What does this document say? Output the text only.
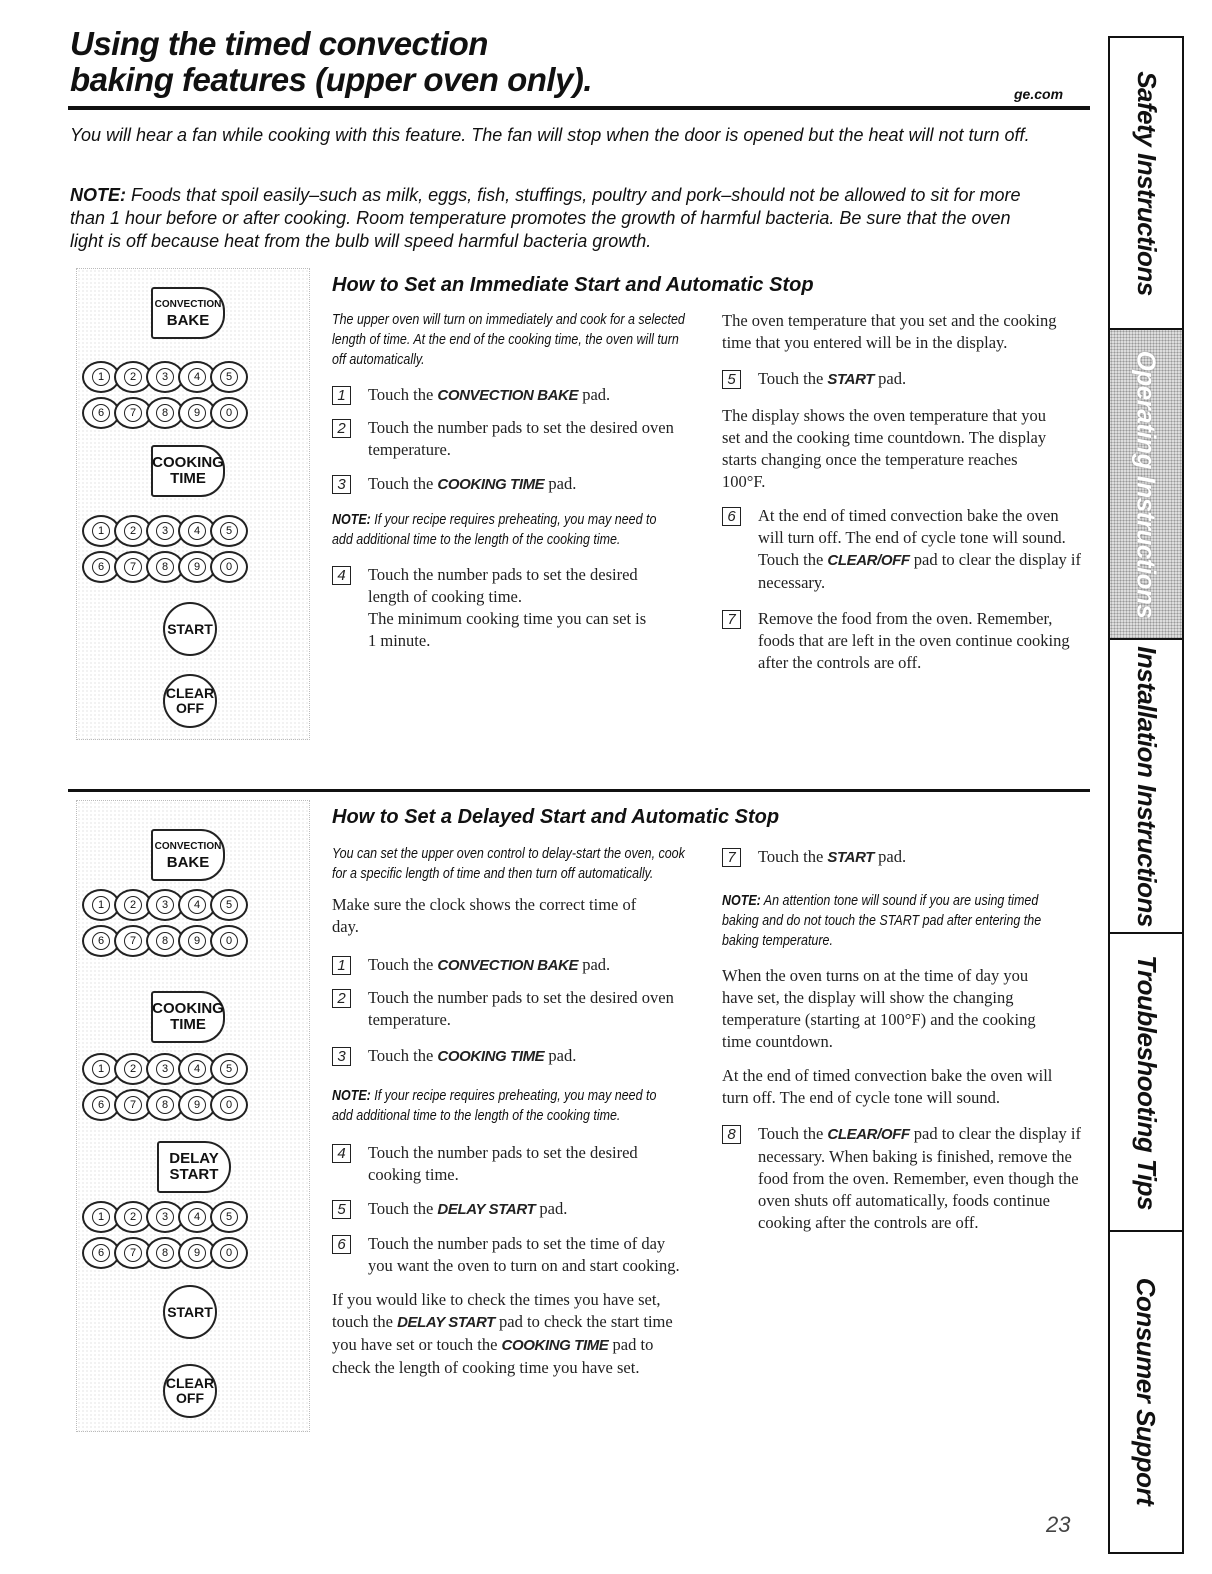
Using the timed convection
baking features (upper oven only).	ge.com
You will hear a fan while cooking with this feature. The fan will stop when the door is opened but the heat will not turn off.
NOTE: Foods that spoil easily–such as milk, eggs, fish, stuffings, poultry and pork–should not be allowed to sit for more than 1 hour before or after cooking. Room temperature promotes the growth of harmful bacteria. Be sure that the oven light is off because heat from the bulb will speed harmful bacteria growth.
CONVECTION
BAKE
1	2	3	4	5
6	7	8	9	0
COOKING
TIME
1	2	3	4	5
6	7	8	9	0
START
CLEAR
OFF
How to Set an Immediate Start and Automatic Stop
The upper oven will turn on immediately and cook for a selected length of time. At the end of the cooking time, the oven will turn off automatically.
1	Touch the CONVECTION BAKE pad.
2	Touch the number pads to set the desired oven temperature.
3	Touch the COOKING TIME pad.
NOTE: If your recipe requires preheating, you may need to add additional time to the length of the cooking time.
4	Touch the number pads to set the desired length of cooking time.
The minimum cooking time you can set is 1 minute.
The oven temperature that you set and the cooking time that you entered will be in the display.
5	Touch the START pad.
The display shows the oven temperature that you set and the cooking time countdown. The display starts changing once the temperature reaches 100°F.
6	At the end of timed convection bake the oven will turn off. The end of cycle tone will sound. Touch the CLEAR/OFF pad to clear the display if necessary.
7	Remove the food from the oven. Remember, foods that are left in the oven continue cooking after the controls are off.
CONVECTION
BAKE
1	2	3	4	5
6	7	8	9	0
COOKING
TIME
1	2	3	4	5
6	7	8	9	0
DELAY
START
1	2	3	4	5
6	7	8	9	0
START
CLEAR
OFF
How to Set a Delayed Start and Automatic Stop
You can set the upper oven control to delay-start the oven, cook for a specific length of time and then turn off automatically.
Make sure the clock shows the correct time of day.
1	Touch the CONVECTION BAKE pad.
2	Touch the number pads to set the desired oven temperature.
3	Touch the COOKING TIME pad.
NOTE: If your recipe requires preheating, you may need to add additional time to the length of the cooking time.
4	Touch the number pads to set the desired cooking time.
5	Touch the DELAY START pad.
6	Touch the number pads to set the time of day you want the oven to turn on and start cooking.
If you would like to check the times you have set, touch the DELAY START pad to check the start time you have set or touch the COOKING TIME pad to check the length of cooking time you have set.
7	Touch the START pad.
NOTE: An attention tone will sound if you are using timed baking and do not touch the START pad after entering the baking temperature.
When the oven turns on at the time of day you have set, the display will show the changing temperature (starting at 100°F) and the cooking time countdown.
At the end of timed convection bake the oven will turn off. The end of cycle tone will sound.
8	Touch the CLEAR/OFF pad to clear the display if necessary. When baking is finished, remove the food from the oven. Remember, even though the oven shuts off automatically, foods continue cooking after the controls are off.
Safety Instructions
Operating Instructions
Installation Instructions
Troubleshooting Tips
Consumer Support
23
